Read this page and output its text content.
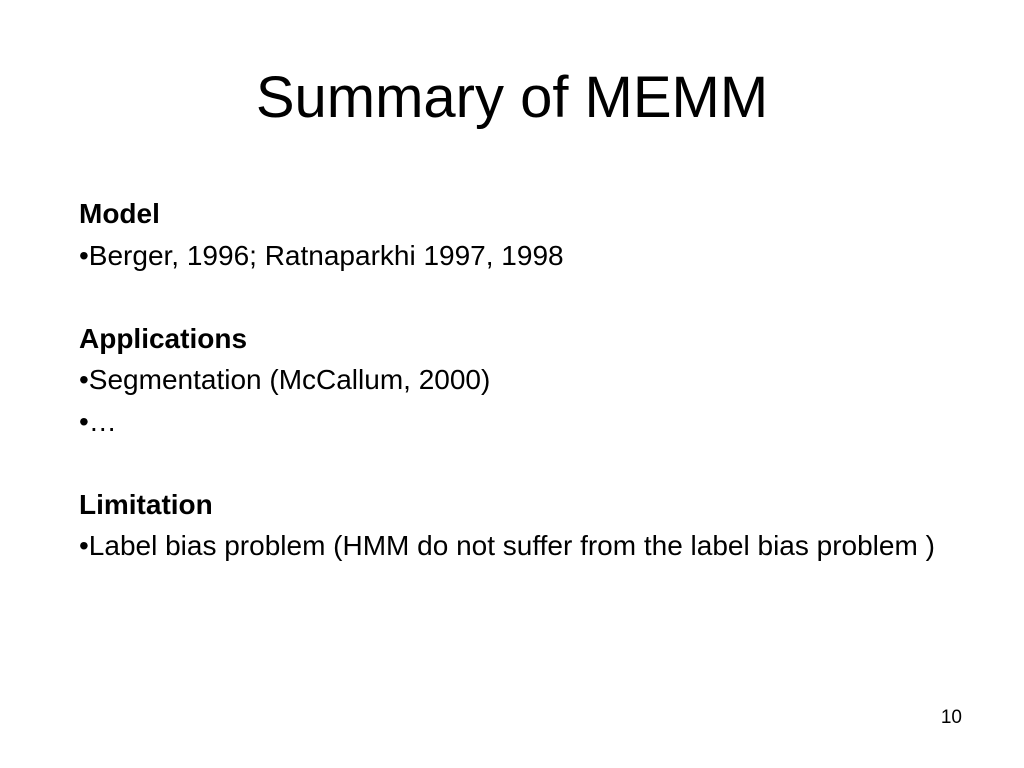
Summary of MEMM
Model
•Berger, 1996; Ratnaparkhi 1997, 1998
Applications
•Segmentation (McCallum, 2000)
•…
Limitation
•Label bias problem (HMM do not suffer from the label bias problem )
10
